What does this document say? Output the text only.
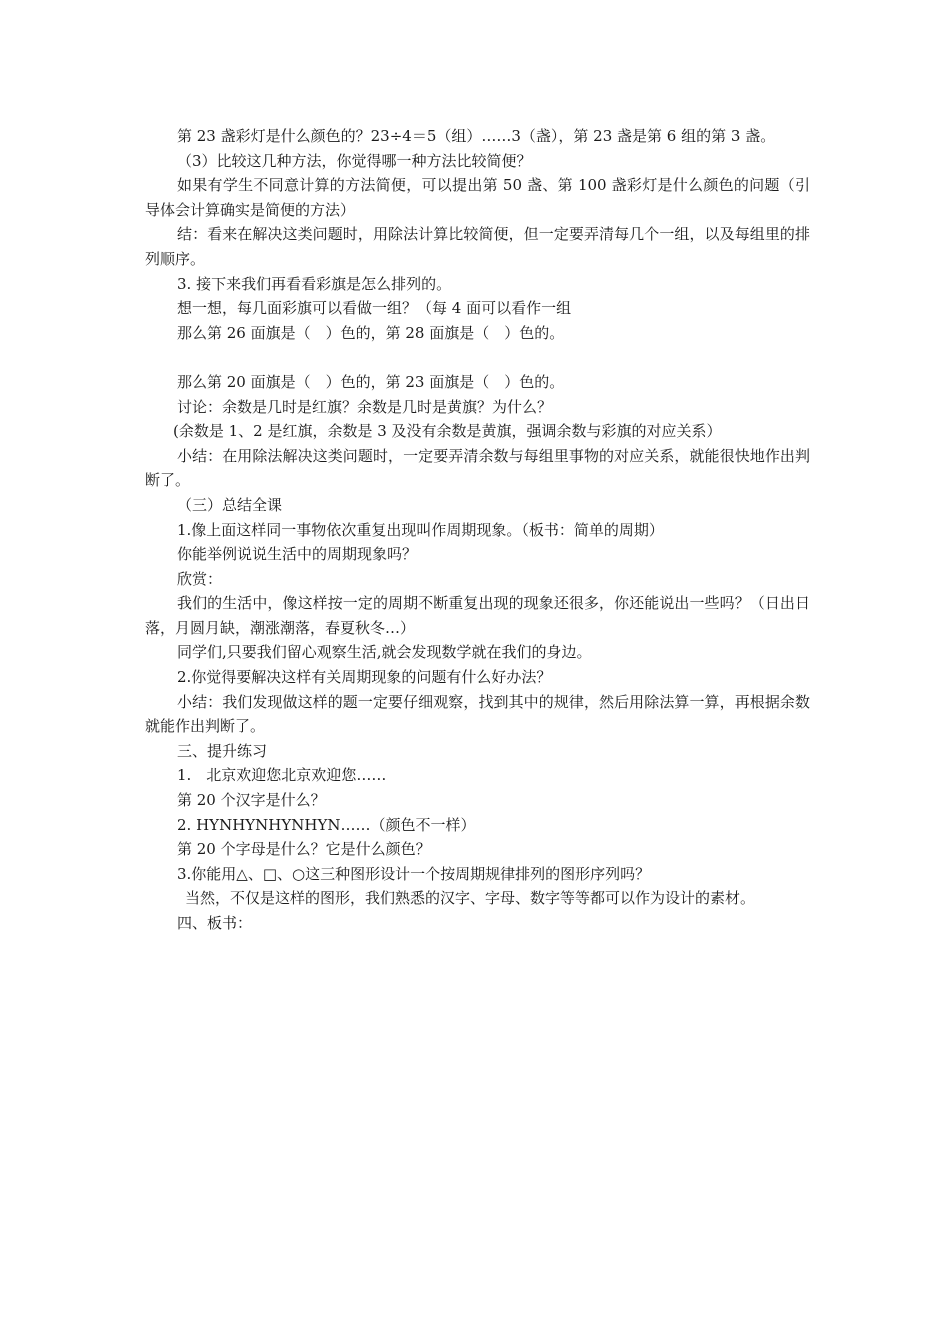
第 23 盏彩灯是什么颜色的？23÷4＝5（组）……3（盏），第 23 盏是第 6 组的第 3 盏。

（3）比较这几种方法，你觉得哪一种方法比较简便？

如果有学生不同意计算的方法简便，可以提出第 50 盏、第 100 盏彩灯是什么颜色的问题（引导体会计算确实是简便的方法）

结：看来在解决这类问题时，用除法计算比较简便，但一定要弄清每几个一组，以及每组里的排列顺序。

3. 接下来我们再看看彩旗是怎么排列的。

想一想，每几面彩旗可以看做一组？（每 4 面可以看作一组

那么第 26 面旗是（　）色的，第 28 面旗是（　）色的。

那么第 20 面旗是（　）色的，第 23 面旗是（　）色的。

讨论：余数是几时是红旗？余数是几时是黄旗？为什么？

(余数是 1、2 是红旗，余数是 3 及没有余数是黄旗，强调余数与彩旗的对应关系）

小结：在用除法解决这类问题时，一定要弄清余数与每组里事物的对应关系，就能很快地作出判断了。

（三）总结全课

1.像上面这样同一事物依次重复出现叫作周期现象。（板书：简单的周期）

你能举例说说生活中的周期现象吗？

欣赏：

我们的生活中，像这样按一定的周期不断重复出现的现象还很多，你还能说出一些吗？（日出日落，月圆月缺，潮涨潮落，春夏秋冬…）

同学们,只要我们留心观察生活,就会发现数学就在我们的身边。

2.你觉得要解决这样有关周期现象的问题有什么好办法？

小结：我们发现做这样的题一定要仔细观察，找到其中的规律，然后用除法算一算，再根据余数就能作出判断了。

三、提升练习

1.　北京欢迎您北京欢迎您……

第 20 个汉字是什么？

2. HYNHYNHYNHYN……（颜色不一样）

第 20 个字母是什么？它是什么颜色？

3.你能用△、□、○这三种图形设计一个按周期规律排列的图形序列吗？

当然，不仅是这样的图形，我们熟悉的汉字、字母、数字等等都可以作为设计的素材。

四、板书：
